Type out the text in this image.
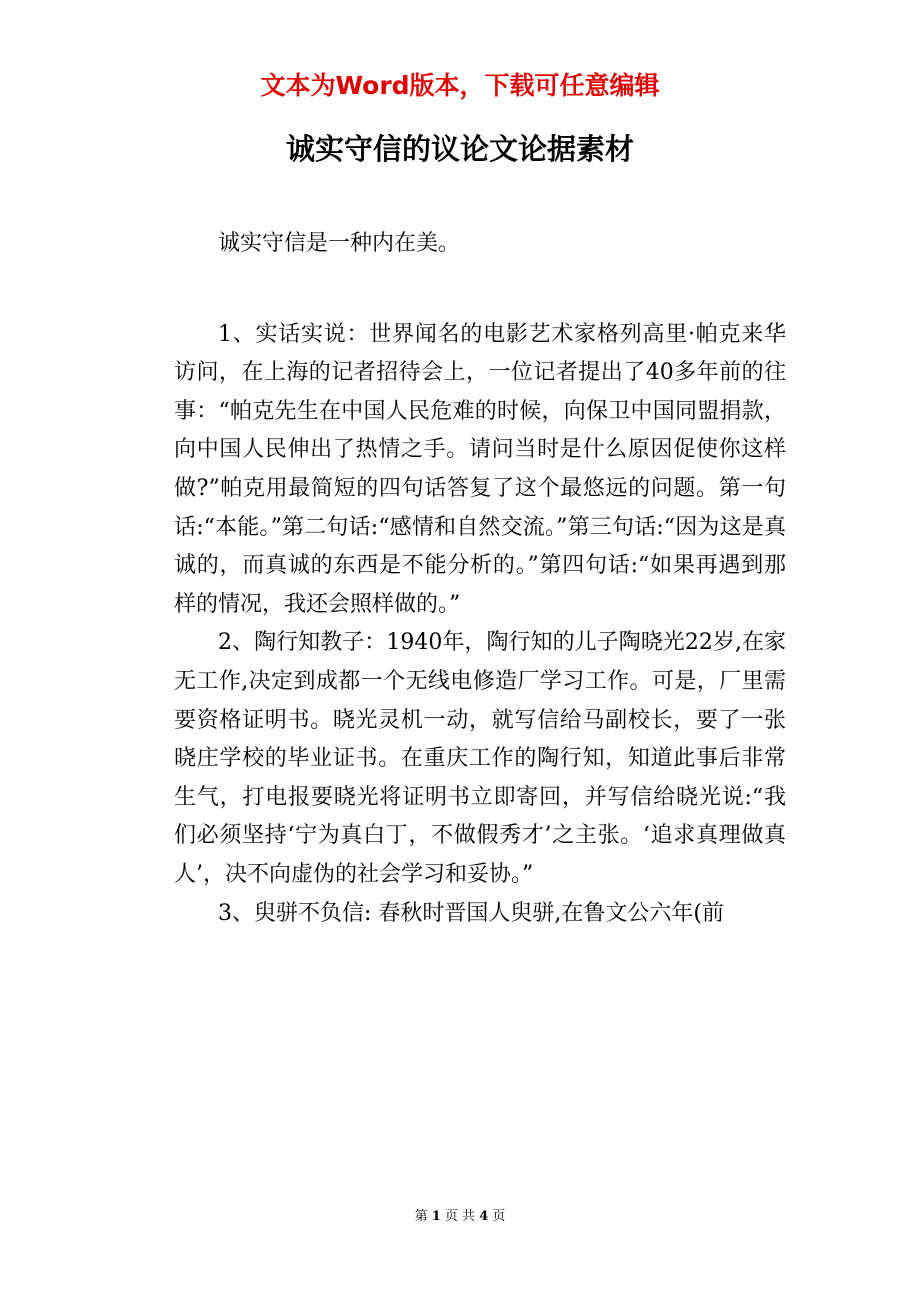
文本为Word版本，下载可任意编辑
诚实守信的议论文论据素材

诚实守信是一种内在美。

1、实话实说：世界闻名的电影艺术家格列高里·帕克来华访问，在上海的记者招待会上，一位记者提出了40多年前的往事：“帕克先生在中国人民危难的时候，向保卫中国同盟捐款，向中国人民伸出了热情之手。请问当时是什么原因促使你这样做?”帕克用最简短的四句话答复了这个最悠远的问题。第一句话:“本能。”第二句话:“感情和自然交流。”第三句话:“因为这是真诚的，而真诚的东西是不能分析的。”第四句话:“如果再遇到那样的情况，我还会照样做的。”

2、陶行知教子：1940年，陶行知的儿子陶晓光22岁,在家无工作,决定到成都一个无线电修造厂学习工作。可是，厂里需要资格证明书。晓光灵机一动，就写信给马副校长，要了一张晓庄学校的毕业证书。在重庆工作的陶行知，知道此事后非常生气，打电报要晓光将证明书立即寄回，并写信给晓光说:“我们必须坚持‘宁为真白丁，不做假秀才’之主张。‘追求真理做真人’，决不向虚伪的社会学习和妥协。”

3、臾骈不负信: 春秋时晋国人臾骈,在鲁文公六年(前

第 1 页 共 4 页
